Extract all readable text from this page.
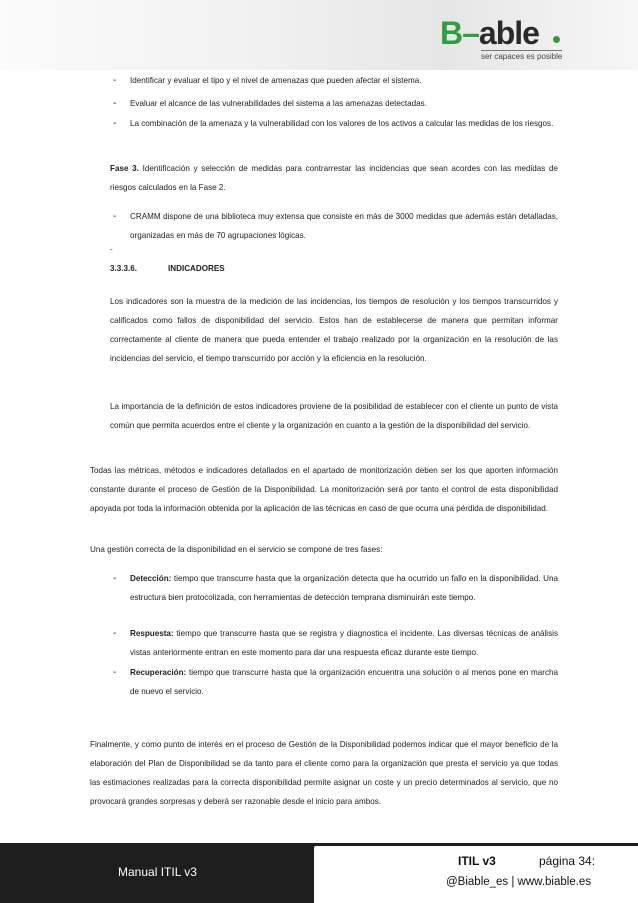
B–able
ser capaces es posible
- Identificar y evaluar el tipo y el nivel de amenazas que pueden afectar el sistema.

- Evaluar el alcance de las vulnerabilidades del sistema a las amenazas detectadas.

- La combinación de la amenaza y la vulnerabilidad con los valores de los activos a calcular las medidas de los riesgos.

Fase 3. Identificación y selección de medidas para contrarrestar las incidencias que sean acordes con las medidas de riesgos calculados en la Fase 2.

- CRAMM dispone de una biblioteca muy extensa que consiste en más de 3000 medidas que además están detalladas, organizadas en más de 70 agrupaciones lógicas.

-

3.3.3.6.	INDICADORES

Los indicadores son la muestra de la medición de las incidencias, los tiempos de resolución y los tiempos transcurridos y calificados como fallos de disponibilidad del servicio. Estos han de establecerse de manera que permitan informar correctamente al cliente de manera que pueda entender el trabajo realizado por la organización en la resolución de las incidencias del servicio, el tiempo transcurrido por acción y la eficiencia en la resolución.

La importancia de la definición de estos indicadores proviene de la posibilidad de establecer con el cliente un punto de vista común que permita acuerdos entre el cliente y la organización en cuanto a la gestión de la disponibilidad del servicio.

Todas las métricas, métodos e indicadores detallados en el apartado de monitorización deben ser los que aporten información constante durante el proceso de Gestión de la Disponibilidad. La monitorización será por tanto el control de esta disponibilidad apoyada por toda la información obtenida por la aplicación de las técnicas en caso de que ocurra una pérdida de disponibilidad.

Una gestión correcta de la disponibilidad en el servicio se compone de tres fases:

- Detección: tiempo que transcurre hasta que la organización detecta que ha ocurrido un fallo en la disponibilidad. Una estructura bien protocolizada, con herramientas de detección temprana disminuirán este tiempo.

- Respuesta: tiempo que transcurre hasta que se registra y diagnostica el incidente. Las diversas técnicas de análisis vistas anteriormente entran en este momento para dar una respuesta eficaz durante este tiempo.

- Recuperación: tiempo que transcurre hasta que la organización encuentra una solución o al menos pone en marcha de nuevo el servicio.

Finalmente, y como punto de interés en el proceso de Gestión de la Disponibilidad podemos indicar que el mayor beneficio de la elaboración del Plan de Disponibilidad se da tanto para el cliente como para la organización que presta el servicio ya que todas las estimaciones realizadas para la correcta disponibilidad permite asignar un coste y un precio determinados al servicio, que no provocará grandes sorpresas y deberá ser razonable desde el inicio para ambos.

Manual ITIL v3
ITIL v3	página 34:
@Biable_es | www.biable.es
